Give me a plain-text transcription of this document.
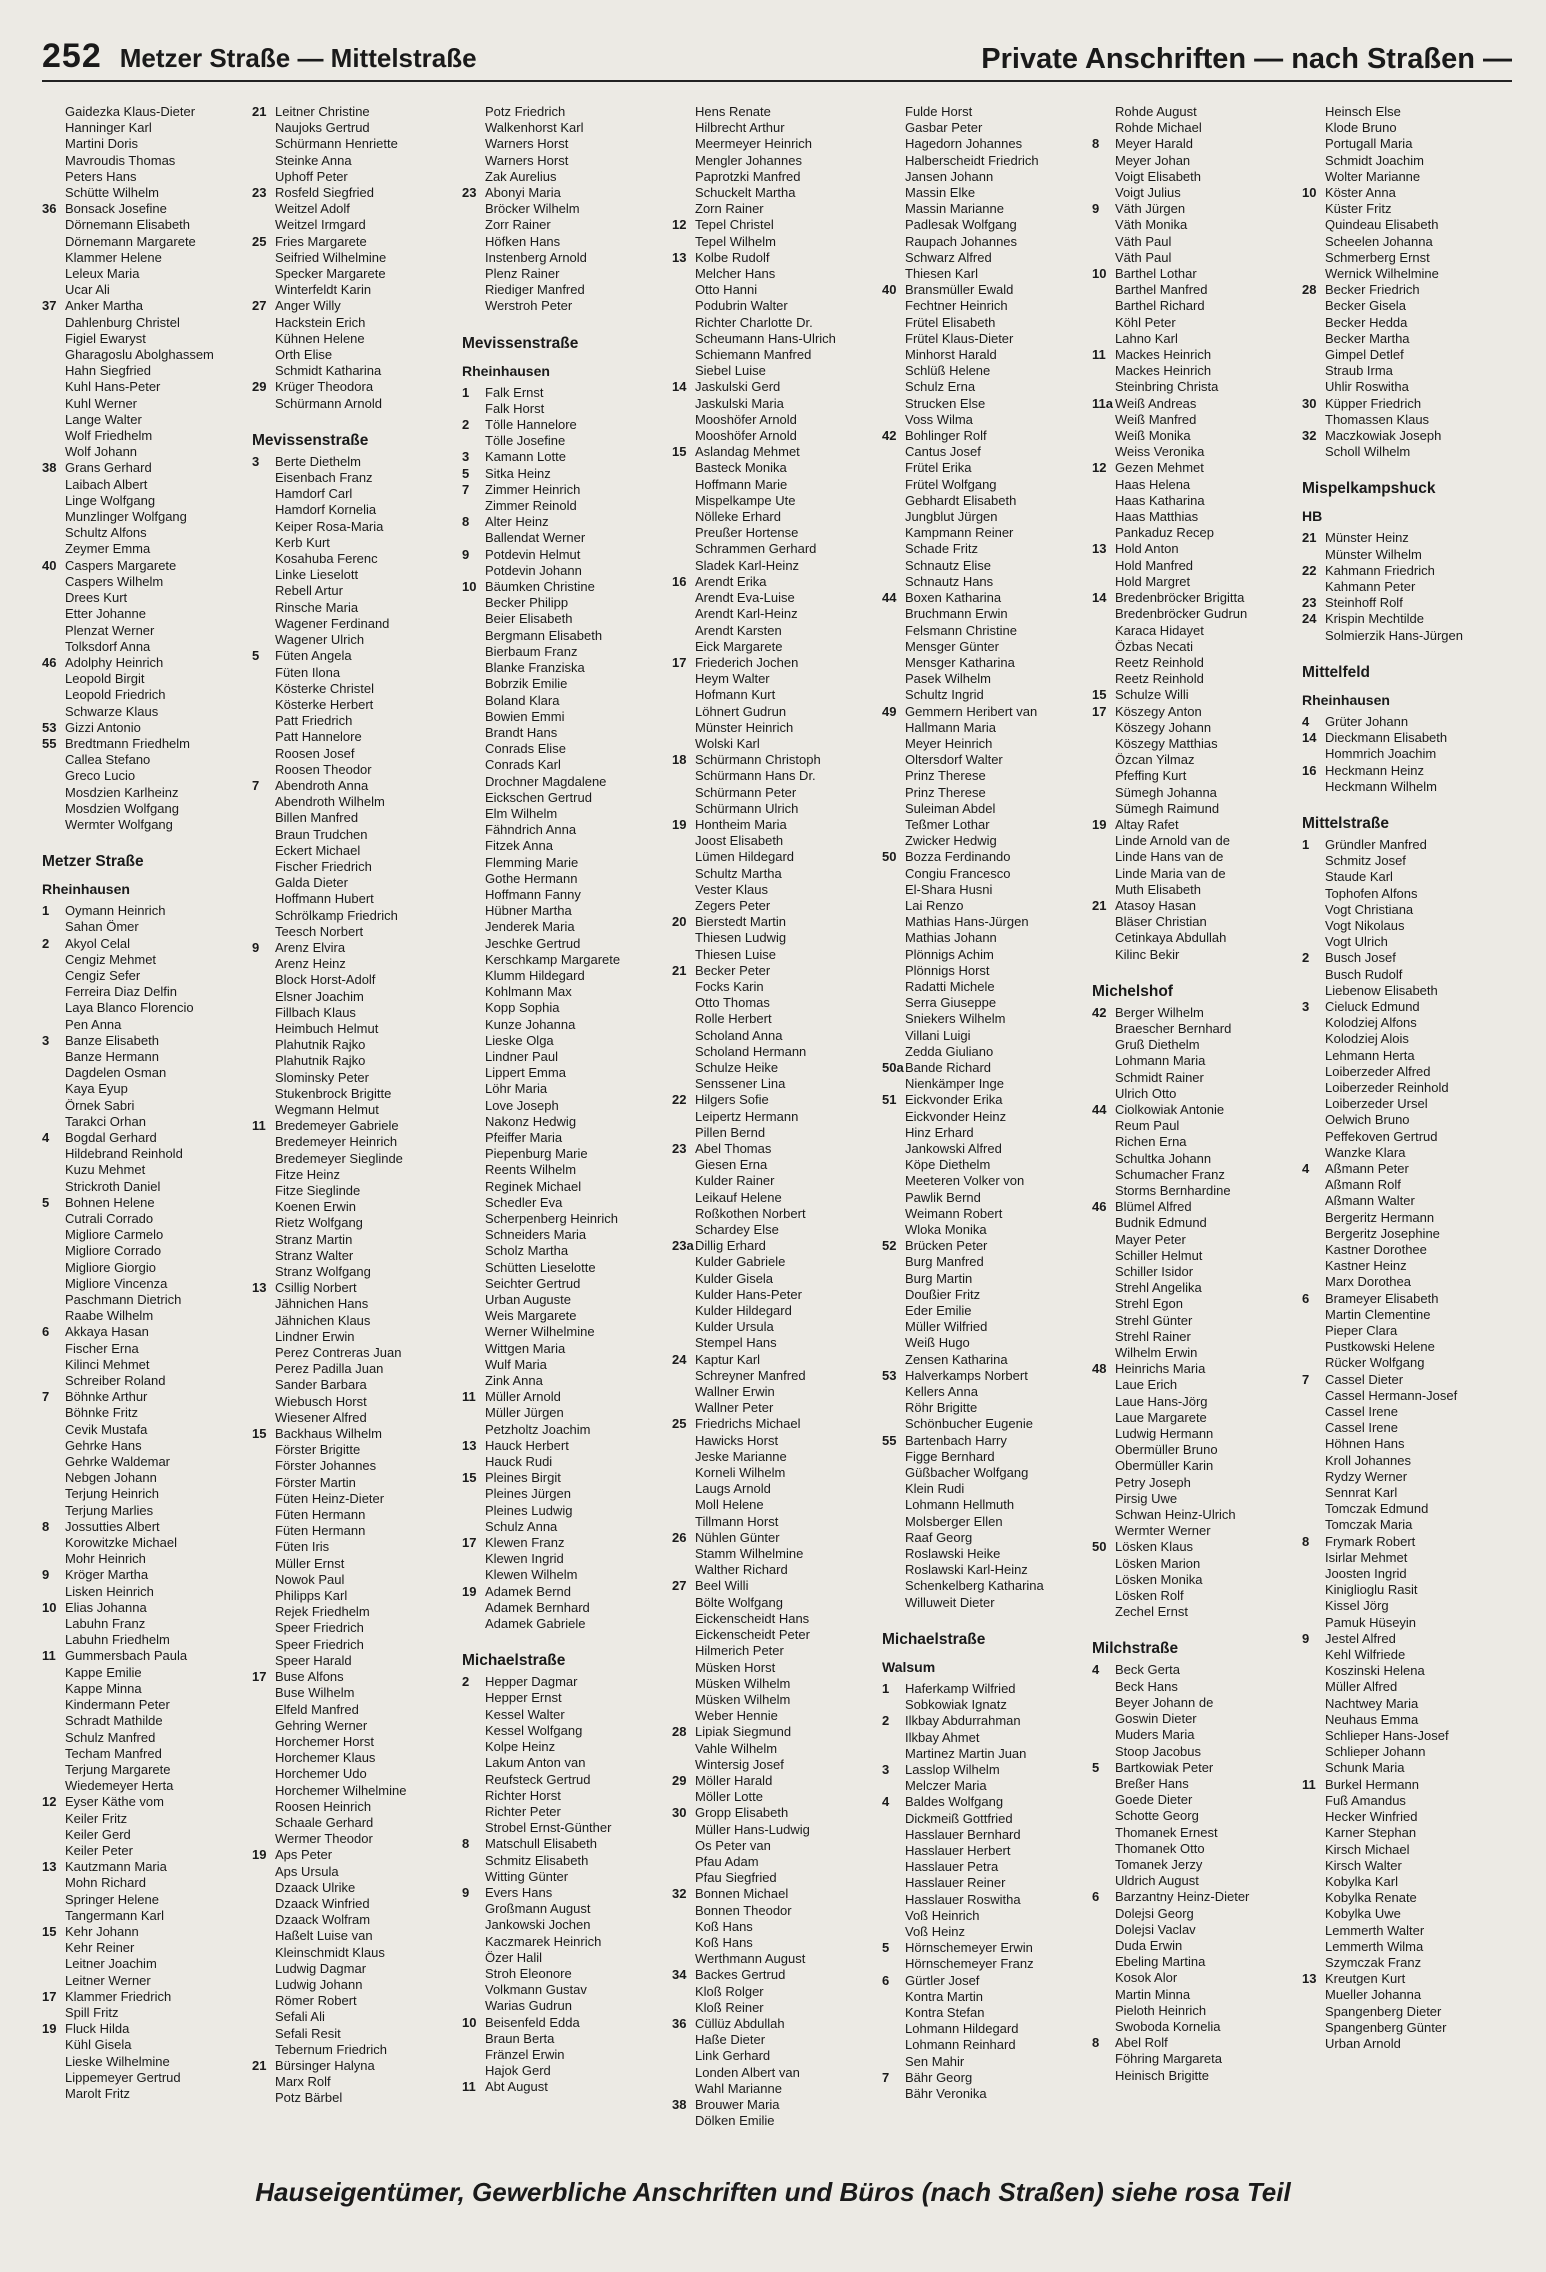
252 Metzer Straße — Mittelstraße	Private Anschriften — nach Straßen —
Gaidezka Klaus-Dieter
Hanninger Karl
Martini Doris
Mavroudis Thomas
Peters Hans
Schütte Wilhelm
36 Bonsack Josefine
Dörnemann Elisabeth
Dörnemann Margarete
Klammer Helene
Leleux Maria
Ucar Ali
37 Anker Martha
Dahlenburg Christel
Figiel Ewaryst
Gharagoslu Abolghassem
Hahn Siegfried
Kuhl Hans-Peter
Kuhl Werner
Lange Walter
Wolf Friedhelm
Wolf Johann
38 Grans Gerhard
Laibach Albert
Linge Wolfgang
Munzlinger Wolfgang
Schultz Alfons
Zeymer Emma
40 Caspers Margarete
Caspers Wilhelm
Drees Kurt
Etter Johanne
Plenzat Werner
Tolksdorf Anna
46 Adolphy Heinrich
Leopold Birgit
Leopold Friedrich
Schwarze Klaus
53 Gizzi Antonio
55 Bredtmann Friedhelm
Callea Stefano
Greco Lucio
Mosdzien Karlheinz
Mosdzien Wolfgang
Wermter Wolfgang
Metzer Straße
Rheinhausen
1 Oymann Heinrich
Sahan Ömer
2 Akyol Celal
Cengiz Mehmet
Cengiz Sefer
Ferreira Diaz Delfin
Laya Blanco Florencio
Pen Anna
3 Banze Elisabeth
Banze Hermann
Dagdelen Osman
Kaya Eyup
Örnek Sabri
Tarakci Orhan
4 Bogdal Gerhard
Hildebrand Reinhold
Kuzu Mehmet
Strickroth Daniel
5 Bohnen Helene
Cutrali Corrado
Migliore Carmelo
Migliore Corrado
Migliore Giorgio
Migliore Vincenza
Paschmann Dietrich
Raabe Wilhelm
6 Akkaya Hasan
Fischer Erna
Kilinci Mehmet
Schreiber Roland
7 Böhnke Arthur
Böhnke Fritz
Cevik Mustafa
Gehrke Hans
Gehrke Waldemar
Nebgen Johann
Terjung Heinrich
Terjung Marlies
8 Jossutties Albert
Korowitzke Michael
Mohr Heinrich
9 Kröger Martha
Lisken Heinrich
10 Elias Johanna
Labuhn Franz
Labuhn Friedhelm
11 Gummersbach Paula
Kappe Emilie
Kappe Minna
Kindermann Peter
Schradt Mathilde
Schulz Manfred
Techam Manfred
Terjung Margarete
Wiedemeyer Herta
12 Eyser Käthe vom
Keiler Fritz
Keiler Gerd
Keiler Peter
13 Kautzmann Maria
Mohn Richard
Springer Helene
Tangermann Karl
15 Kehr Johann
Kehr Reiner
Leitner Joachim
Leitner Werner
17 Klammer Friedrich
Spill Fritz
19 Fluck Hilda
Kühl Gisela
Lieske Wilhelmine
Lippemeyer Gertrud
Marolt Fritz
21 Leitner Christine
Naujoks Gertrud
Schürmann Henriette
Steinke Anna
Uphoff Peter
23 Rosfeld Siegfried
Weitzel Adolf
Weitzel Irmgard
25 Fries Margarete
Seifried Wilhelmine
Specker Margarete
Winterfeldt Karin
27 Anger Willy
Hackstein Erich
Kühnen Helene
Orth Elise
Schmidt Katharina
29 Krüger Theodora
Schürmann Arnold
Mevissenstraße
3 Berte Diethelm
Eisenbach Franz
Hamdorf Carl
Hamdorf Kornelia
Keiper Rosa-Maria
Kerb Kurt
Kosahuba Ferenc
Linke Lieselott
Rebell Artur
Rinsche Maria
Wagener Ferdinand
Wagener Ulrich
5 Füten Angela
Füten Ilona
Kösterke Christel
Kösterke Herbert
Patt Friedrich
Patt Hannelore
Roosen Josef
Roosen Theodor
7 Abendroth Anna
Abendroth Wilhelm
Billen Manfred
Braun Trudchen
Eckert Michael
Fischer Friedrich
Galda Dieter
Hoffmann Hubert
Schrölkamp Friedrich
Teesch Norbert
9 Arenz Elvira
Arenz Heinz
Block Horst-Adolf
Elsner Joachim
Fillbach Klaus
Heimbuch Helmut
Plahutnik Rajko
Plahutnik Rajko
Slominsky Peter
Stukenbrock Brigitte
Wegmann Helmut
11 Bredemeyer Gabriele
Bredemeyer Heinrich
Bredemeyer Sieglinde
Fitze Heinz
Fitze Sieglinde
Koenen Erwin
Rietz Wolfgang
Stranz Martin
Stranz Walter
Stranz Wolfgang
13 Csillig Norbert
Jähnichen Hans
Jähnichen Klaus
Lindner Erwin
Perez Contreras Juan
Perez Padilla Juan
Sander Barbara
Wiebusch Horst
Wiesener Alfred
15 Backhaus Wilhelm
Förster Brigitte
Förster Johannes
Förster Martin
Füten Heinz-Dieter
Füten Hermann
Füten Hermann
Füten Iris
Müller Ernst
Nowok Paul
Philipps Karl
Rejek Friedhelm
Speer Friedrich
Speer Friedrich
Speer Harald
17 Buse Alfons
Buse Wilhelm
Elfeld Manfred
Gehring Werner
Horchemer Horst
Horchemer Klaus
Horchemer Udo
Horchemer Wilhelmine
Roosen Heinrich
Schaale Gerhard
Wermer Theodor
19 Aps Peter
Aps Ursula
Dzaack Ulrike
Dzaack Winfried
Dzaack Wolfram
Haßelt Luise van
Kleinschmidt Klaus
Ludwig Dagmar
Ludwig Johann
Römer Robert
Sefali Ali
Sefali Resit
Tebernum Friedrich
21 Bürsinger Halyna
Marx Rolf
Potz Bärbel
Potz Friedrich
Walkenhorst Karl
Warners Horst
Warners Horst
Zak Aurelius
23 Abonyi Maria
Bröcker Wilhelm
Zorr Rainer
Höfken Hans
Instenberg Arnold
Plenz Rainer
Riediger Manfred
Werstroh Peter
Mevissenstraße
Rheinhausen
1 Falk Ernst
Falk Horst
2 Tölle Hannelore
Tölle Josefine
3 Kamann Lotte
5 Sitka Heinz
7 Zimmer Heinrich
Zimmer Reinold
8 Alter Heinz
Ballendat Werner
9 Potdevin Helmut
Potdevin Johann
10 Bäumken Christine
Becker Philipp
Beier Elisabeth
Bergmann Elisabeth
Bierbaum Franz
Blanke Franziska
Bobrzik Emilie
Boland Klara
Bowien Emmi
Brandt Hans
Conrads Elise
Conrads Karl
Drochner Magdalene
Eickschen Gertrud
Elm Wilhelm
Fähndrich Anna
Fitzek Anna
Flemming Marie
Gothe Hermann
Hoffmann Fanny
Hübner Martha
Jenderek Maria
Jeschke Gertrud
Kerschkamp Margarete
Klumm Hildegard
Kohlmann Max
Kopp Sophia
Kunze Johanna
Lieske Olga
Lindner Paul
Lippert Emma
Löhr Maria
Love Joseph
Nakonz Hedwig
Pfeiffer Maria
Piepenburg Marie
Reents Wilhelm
Reginek Michael
Schedler Eva
Scherpenberg Heinrich
Schneiders Maria
Scholz Martha
Schütten Lieselotte
Seichter Gertrud
Urban Auguste
Weis Margarete
Werner Wilhelmine
Wittgen Maria
Wulf Maria
Zink Anna
11 Müller Arnold
Müller Jürgen
Petzholtz Joachim
13 Hauck Herbert
Hauck Rudi
15 Pleines Birgit
Pleines Jürgen
Pleines Ludwig
Schulz Anna
17 Klewen Franz
Klewen Ingrid
Klewen Wilhelm
19 Adamek Bernd
Adamek Bernhard
Adamek Gabriele
Michaelstraße
2 Hepper Dagmar
Hepper Ernst
Kessel Walter
Kessel Wolfgang
Kolpe Heinz
Lakum Anton van
Reufsteck Gertrud
Richter Horst
Richter Peter
Strobel Ernst-Günther
8 Matschull Elisabeth
Schmitz Elisabeth
Witting Günter
9 Evers Hans
Großmann August
Jankowski Jochen
Kaczmarek Heinrich
Özer Halil
Stroh Eleonore
Volkmann Gustav
Warias Gudrun
10 Beisenfeld Edda
Braun Berta
Fränzel Erwin
Hajok Gerd
11 Abt August
Hens Renate
Hilbrecht Arthur
Meermeyer Heinrich
Mengler Johannes
Paprotzki Manfred
Schuckelt Martha
Zorn Rainer
12 Tepel Christel
Tepel Wilhelm
13 Kolbe Rudolf
Melcher Hans
Otto Hanni
Podubrin Walter
Richter Charlotte Dr.
Scheumann Hans-Ulrich
Schiemann Manfred
Siebel Luise
14 Jaskulski Gerd
Jaskulski Maria
Mooshöfer Arnold
Mooshöfer Arnold
15 Aslandag Mehmet
Basteck Monika
Hoffmann Marie
Mispelkampe Ute
Nölleke Erhard
Preußer Hortense
Schrammen Gerhard
Sladek Karl-Heinz
16 Arendt Erika
Arendt Eva-Luise
Arendt Karl-Heinz
Arendt Karsten
Eick Margarete
17 Friederich Jochen
Heym Walter
Hofmann Kurt
Löhnert Gudrun
Münster Heinrich
Wolski Karl
18 Schürmann Christoph
Schürmann Hans Dr.
Schürmann Peter
Schürmann Ulrich
19 Hontheim Maria
Joost Elisabeth
Lümen Hildegard
Schultz Martha
Vester Klaus
Zegers Peter
20 Bierstedt Martin
Thiesen Ludwig
Thiesen Luise
21 Becker Peter
Focks Karin
Otto Thomas
Rolle Herbert
Scholand Anna
Scholand Hermann
Schulze Heike
Senssener Lina
22 Hilgers Sofie
Leipertz Hermann
Pillen Bernd
23 Abel Thomas
Giesen Erna
Kulder Rainer
Leikauf Helene
Roßkothen Norbert
Schardey Else
23a Dillig Erhard
Kulder Gabriele
Kulder Gisela
Kulder Hans-Peter
Kulder Hildegard
Kulder Ursula
Stempel Hans
24 Kaptur Karl
Schreyner Manfred
Wallner Erwin
Wallner Peter
25 Friedrichs Michael
Hawicks Horst
Jeske Marianne
Korneli Wilhelm
Laugs Arnold
Moll Helene
Tillmann Horst
26 Nühlen Günter
Stamm Wilhelmine
Walther Richard
27 Beel Willi
Bölte Wolfgang
Eickenscheidt Hans
Eickenscheidt Peter
Hilmerich Peter
Müsken Horst
Müsken Wilhelm
Müsken Wilhelm
Weber Hennie
28 Lipiak Siegmund
Vahle Wilhelm
Wintersig Josef
29 Möller Harald
Möller Lotte
30 Gropp Elisabeth
Müller Hans-Ludwig
Os Peter van
Pfau Adam
Pfau Siegfried
32 Bonnen Michael
Bonnen Theodor
Koß Hans
Koß Hans
Werthmann August
34 Backes Gertrud
Kloß Rolger
Kloß Reiner
36 Cüllüz Abdullah
Haße Dieter
Link Gerhard
Londen Albert van
Wahl Marianne
38 Brouwer Maria
Dölken Emilie
Fulde Horst
Gasbar Peter
Hagedorn Johannes
Halberscheidt Friedrich
Jansen Johann
Massin Elke
Massin Marianne
Padlesak Wolfgang
Raupach Johannes
Schwarz Alfred
Thiesen Karl
40 Bransmüller Ewald
Fechtner Heinrich
Frütel Elisabeth
Frütel Klaus-Dieter
Minhorst Harald
Schlüß Helene
Schulz Erna
Strucken Else
Voss Wilma
42 Bohlinger Rolf
Cantus Josef
Frütel Erika
Frütel Wolfgang
Gebhardt Elisabeth
Jungblut Jürgen
Kampmann Reiner
Schade Fritz
Schnautz Elise
Schnautz Hans
44 Boxen Katharina
Bruchmann Erwin
Felsmann Christine
Mensger Günter
Mensger Katharina
Pasek Wilhelm
Schultz Ingrid
49 Gemmern Heribert van
Hallmann Maria
Meyer Heinrich
Oltersdorf Walter
Prinz Therese
Prinz Therese
Suleiman Abdel
Teßmer Lothar
Zwicker Hedwig
50 Bozza Ferdinando
Congiu Francesco
El-Shara Husni
Lai Renzo
Mathias Hans-Jürgen
Mathias Johann
Plönnigs Achim
Plönnigs Horst
Radatti Michele
Serra Giuseppe
Sniekers Wilhelm
Villani Luigi
Zedda Giuliano
50a Bande Richard
Nienkämper Inge
51 Eickvonder Erika
Eickvonder Heinz
Hinz Erhard
Jankowski Alfred
Köpe Diethelm
Meeteren Volker von
Pawlik Bernd
Weimann Robert
Wloka Monika
52 Brücken Peter
Burg Manfred
Burg Martin
Doußier Fritz
Eder Emilie
Müller Wilfried
Weiß Hugo
Zensen Katharina
53 Halverkamps Norbert
Kellers Anna
Röhr Brigitte
Schönbucher Eugenie
55 Bartenbach Harry
Figge Bernhard
Güßbacher Wolfgang
Klein Rudi
Lohmann Hellmuth
Molsberger Ellen
Raaf Georg
Roslawski Heike
Roslawski Karl-Heinz
Schenkelberg Katharina
Willuweit Dieter
Michaelstraße
Walsum
1 Haferkamp Wilfried
Sobkowiak Ignatz
2 Ilkbay Abdurrahman
Ilkbay Ahmet
Martinez Martin Juan
3 Lasslop Wilhelm
Melczer Maria
4 Baldes Wolfgang
Dickmeiß Gottfried
Hasslauer Bernhard
Hasslauer Herbert
Hasslauer Petra
Hasslauer Reiner
Hasslauer Roswitha
Voß Heinrich
Voß Heinz
5 Hörnschemeyer Erwin
Hörnschemeyer Franz
6 Gürtler Josef
Kontra Martin
Kontra Stefan
Lohmann Hildegard
Lohmann Reinhard
Sen Mahir
7 Bähr Georg
Bähr Veronika
Rohde August
Rohde Michael
8 Meyer Harald
Meyer Johan
Voigt Elisabeth
Voigt Julius
9 Väth Jürgen
Väth Monika
Väth Paul
Väth Paul
10 Barthel Lothar
Barthel Manfred
Barthel Richard
Köhl Peter
Lahno Karl
11 Mackes Heinrich
Mackes Heinrich
Steinbring Christa
11a Weiß Andreas
Weiß Manfred
Weiß Monika
Weiss Veronika
12 Gezen Mehmet
Haas Helena
Haas Katharina
Haas Matthias
Pankaduz Recep
13 Hold Anton
Hold Manfred
Hold Margret
14 Bredenbröcker Brigitta
Bredenbröcker Gudrun
Karaca Hidayet
Özbas Necati
Reetz Reinhold
Reetz Reinhold
15 Schulze Willi
17 Köszegy Anton
Köszegy Johann
Köszegy Matthias
Özcan Yilmaz
Pfeffing Kurt
Sümegh Johanna
Sümegh Raimund
19 Altay Rafet
Linde Arnold van de
Linde Hans van de
Linde Maria van de
Muth Elisabeth
21 Atasoy Hasan
Bläser Christian
Cetinkaya Abdullah
Kilinc Bekir
Michelshof
42 Berger Wilhelm
Braescher Bernhard
Gruß Diethelm
Lohmann Maria
Schmidt Rainer
Ulrich Otto
44 Ciolkowiak Antonie
Reum Paul
Richen Erna
Schultka Johann
Schumacher Franz
Storms Bernhardine
46 Blümel Alfred
Budnik Edmund
Mayer Peter
Schiller Helmut
Schiller Isidor
Strehl Angelika
Strehl Egon
Strehl Günter
Strehl Rainer
Wilhelm Erwin
48 Heinrichs Maria
Laue Erich
Laue Hans-Jörg
Laue Margarete
Ludwig Hermann
Obermüller Bruno
Obermüller Karin
Petry Joseph
Pirsig Uwe
Schwan Heinz-Ulrich
Wermter Werner
50 Lösken Klaus
Lösken Marion
Lösken Monika
Lösken Rolf
Zechel Ernst
Milchstraße
4 Beck Gerta
Beck Hans
Beyer Johann de
Goswin Dieter
Muders Maria
Stoop Jacobus
5 Bartkowiak Peter
Breßer Hans
Goede Dieter
Schotte Georg
Thomanek Ernest
Thomanek Otto
Tomanek Jerzy
Uldrich August
6 Barzantny Heinz-Dieter
Dolejsi Georg
Dolejsi Vaclav
Duda Erwin
Ebeling Martina
Kosok Alor
Martin Minna
Pieloth Heinrich
Swoboda Kornelia
8 Abel Rolf
Föhring Margareta
Heinisch Brigitte
Heinsch Else
Klode Bruno
Portugall Maria
Schmidt Joachim
Wolter Marianne
10 Köster Anna
Küster Fritz
Quindeau Elisabeth
Scheelen Johanna
Schmerberg Ernst
Wernick Wilhelmine
28 Becker Friedrich
Becker Gisela
Becker Hedda
Becker Martha
Gimpel Detlef
Straub Irma
Uhlir Roswitha
30 Küpper Friedrich
Thomassen Klaus
32 Maczkowiak Joseph
Scholl Wilhelm
Mispelkampshuck
HB
21 Münster Heinz
Münster Wilhelm
22 Kahmann Friedrich
Kahmann Peter
23 Steinhoff Rolf
24 Krispin Mechtilde
Solmierzik Hans-Jürgen
Mittelfeld
Rheinhausen
4 Grüter Johann
14 Dieckmann Elisabeth
Hommrich Joachim
16 Heckmann Heinz
Heckmann Wilhelm
Mittelstraße
1 Gründler Manfred
Schmitz Josef
Staude Karl
Tophofen Alfons
Vogt Christiana
Vogt Nikolaus
Vogt Ulrich
2 Busch Josef
Busch Rudolf
Liebenow Elisabeth
3 Cieluck Edmund
Kolodziej Alfons
Kolodziej Alois
Lehmann Herta
Loiberzeder Alfred
Loiberzeder Reinhold
Loiberzeder Ursel
Oelwich Bruno
Peffekoven Gertrud
Wanzke Klara
4 Aßmann Peter
Aßmann Rolf
Aßmann Walter
Bergeritz Hermann
Bergeritz Josephine
Kastner Dorothee
Kastner Heinz
Marx Dorothea
6 Brameyer Elisabeth
Martin Clementine
Pieper Clara
Pustkowski Helene
Rücker Wolfgang
7 Cassel Dieter
Cassel Hermann-Josef
Cassel Irene
Cassel Irene
Höhnen Hans
Kroll Johannes
Rydzy Werner
Sennrat Karl
Tomczak Edmund
Tomczak Maria
8 Frymark Robert
Isirlar Mehmet
Joosten Ingrid
Kiniglioglu Rasit
Kissel Jörg
Pamuk Hüseyin
9 Jestel Alfred
Kehl Wilfriede
Koszinski Helena
Müller Alfred
Nachtwey Maria
Neuhaus Emma
Schlieper Hans-Josef
Schlieper Johann
Schunk Maria
11 Burkel Hermann
Fuß Amandus
Hecker Winfried
Karner Stephan
Kirsch Michael
Kirsch Walter
Kobylka Karl
Kobylka Renate
Kobylka Uwe
Lemmerth Walter
Lemmerth Wilma
Szymczak Franz
13 Kreutgen Kurt
Mueller Johanna
Spangenberg Dieter
Spangenberg Günter
Urban Arnold
Hauseigentümer, Gewerbliche Anschriften und Büros (nach Straßen) siehe rosa Teil
